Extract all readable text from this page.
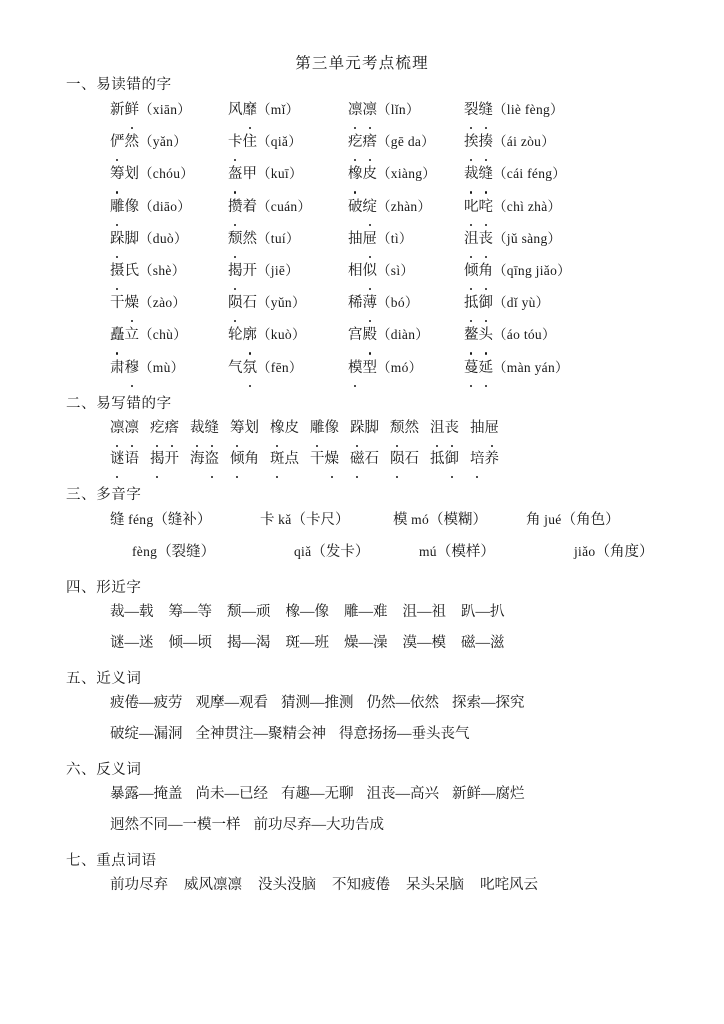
第三单元考点梳理
一、易读错的字
新鲜（xiān）	风靡（mǐ）	凛凛（lǐn）	裂缝（liè fèng）
俨然（yǎn）	卡住（qiǎ）	疙瘩（gē da）	挨揍（ái zòu）
筹划（chóu）	盔甲（kuī）	橡皮（xiàng）	裁缝（cái féng）
雕像（diāo）	攒着（cuán）	破绽（zhàn）	叱咤（chì zhà）
跺脚（duò）	颓然（tuí）	抽屉（tì）	沮丧（jǔ sàng）
摄氏（shè）	揭开（jiē）	相似（sì）	倾角（qīng jiǎo）
干燥（zào）	陨石（yǔn）	稀薄（bó）	抵御（dǐ yù）
矗立（chù）	轮廓（kuò）	宫殿（diàn）	鳌头（áo tóu）
肃穆（mù）	气氛（fēn）	模型（mó）	蔓延（màn yán）
二、易写错的字
凛凛 疙瘩 裁缝 筹划 橡皮 雕像 跺脚 颓然 沮丧 抽屉
谜语 揭开 海盗 倾角 斑点 干燥 磁石 陨石 抵御 培养
三、多音字
缝 féng（缝补）	卡 kǎ（卡尺）	模 mó（模糊）	角 jué（角色）
fèng（裂缝）	qiǎ（发卡）	mú（模样）	jiǎo（角度）
四、形近字
裁—载 筹—等 颓—顽 橡—像 雕—难 沮—祖 趴—扒
谜—迷 倾—顷 揭—渴 斑—班 燥—澡 漠—模 磁—滋
五、近义词
疲倦—疲劳 观摩—观看 猜测—推测 仍然—依然 探索—探究
破绽—漏洞 全神贯注—聚精会神 得意扬扬—垂头丧气
六、反义词
暴露—掩盖 尚未—已经 有趣—无聊 沮丧—高兴 新鲜—腐烂
迥然不同—一模一样 前功尽弃—大功告成
七、重点词语
前功尽弃 威风凛凛 没头没脑 不知疲倦 呆头呆脑 叱咤风云
